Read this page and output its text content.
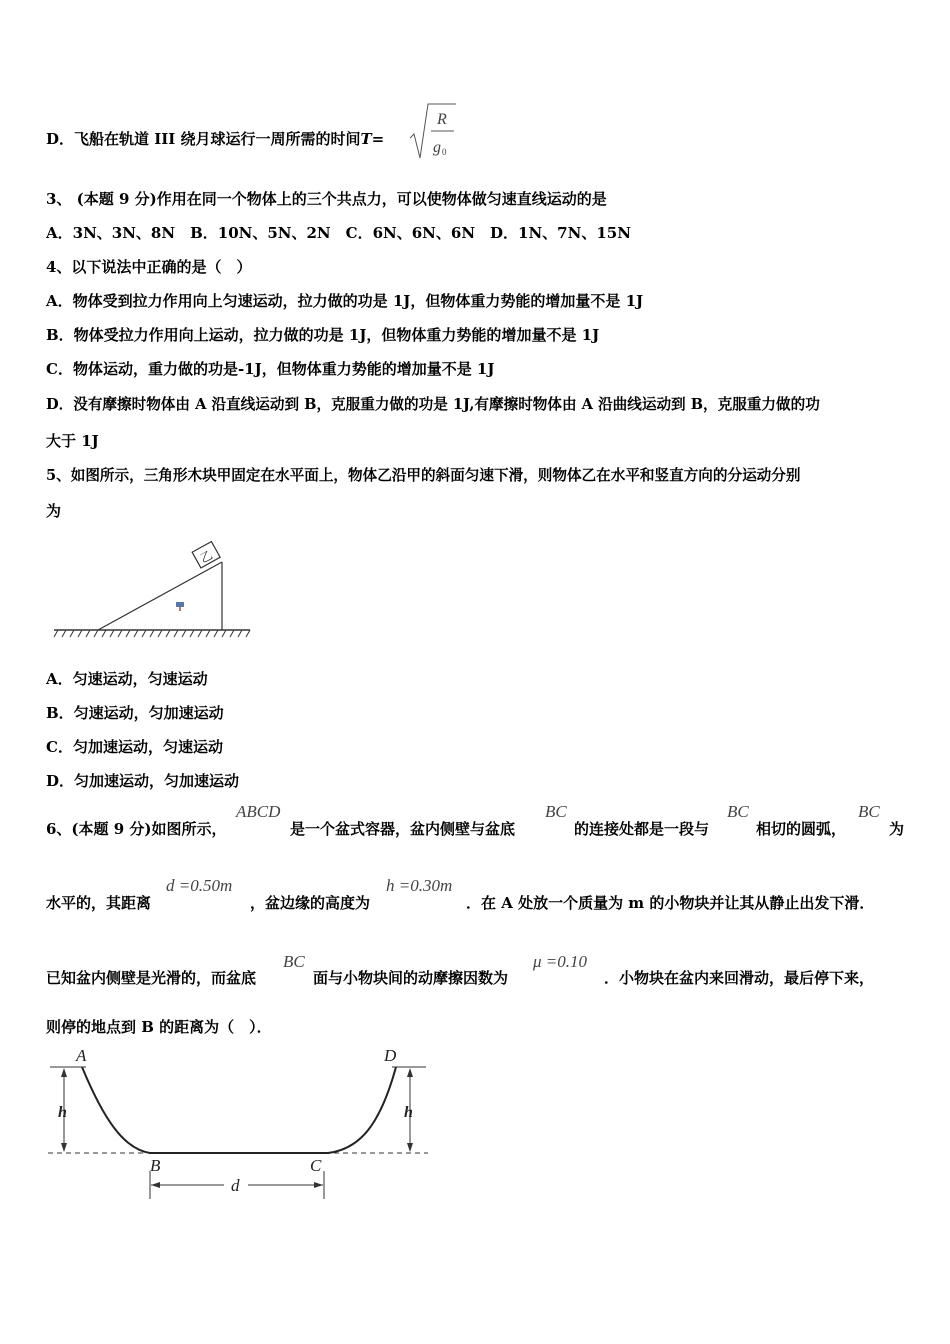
D．飞船在轨道 III 绕月球运行一周所需的时间T=
R
g 0
3、 (本题 9 分)作用在同一个物体上的三个共点力，可以使物体做匀速直线运动的是
A．3N、3N、8N　B．10N、5N、2N　C．6N、6N、6N　D．1N、7N、15N
4、以下说法中正确的是（　）
A．物体受到拉力作用向上匀速运动，拉力做的功是 1J，但物体重力势能的增加量不是 1J
B．物体受拉力作用向上运动，拉力做的功是 1J，但物体重力势能的增加量不是 1J
C．物体运动，重力做的功是-1J，但物体重力势能的增加量不是 1J
D．没有摩擦时物体由 A 沿直线运动到 B，克服重力做的功是 1J,有摩擦时物体由 A 沿曲线运动到 B，克服重力做的功
大于 1J
5、如图所示，三角形木块甲固定在水平面上，物体乙沿甲的斜面匀速下滑，则物体乙在水平和竖直方向的分运动分别
为
乙
A．匀速运动，匀速运动
B．匀速运动，匀加速运动
C．匀加速运动，匀速运动
D．匀加速运动，匀加速运动
6、(本题 9 分)如图所示，
ABCD
是一个盆式容器，盆内侧壁与盆底
BC
的连接处都是一段与
BC
相切的圆弧，
BC
为
水平的，其距离
d =0.50m
，盆边缘的高度为
h =0.30m
．在 A 处放一个质量为 m 的小物块并让其从静止出发下滑．
已知盆内侧壁是光滑的，而盆底
BC
面与小物块间的动摩擦因数为
μ =0.10
．小物块在盆内来回滑动，最后停下来，
则停的地点到 B 的距离为（　）．
h	h
A	D
B	C
d
